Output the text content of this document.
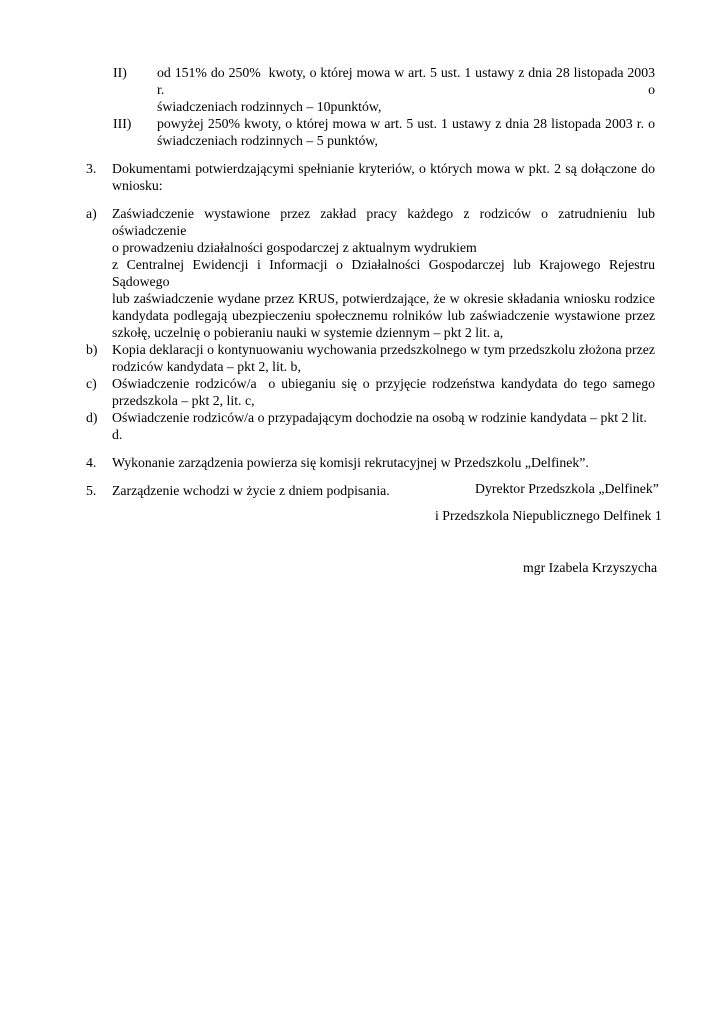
II) od 151% do 250%  kwoty, o której mowa w art. 5 ust. 1 ustawy z dnia 28 listopada 2003 r. o
świadczeniach rodzinnych – 10punktów,
III) powyżej 250% kwoty, o której mowa w art. 5 ust. 1 ustawy z dnia 28 listopada 2003 r. o
świadczeniach rodzinnych – 5 punktów,
3. Dokumentami potwierdzającymi spełnianie kryteriów, o których mowa w pkt. 2 są dołączone do
wniosku:
a) Zaświadczenie wystawione przez zakład pracy każdego z rodziców o zatrudnieniu lub oświadczenie
o prowadzeniu działalności gospodarczej z aktualnym wydrukiem
z Centralnej Ewidencji i Informacji o Działalności Gospodarczej lub Krajowego Rejestru Sądowego
lub zaświadczenie wydane przez KRUS, potwierdzające, że w okresie składania wniosku rodzice
kandydata podlegają ubezpieczeniu społecznemu rolników lub zaświadczenie wystawione przez
szkołę, uczelnię o pobieraniu nauki w systemie dziennym – pkt 2 lit. a,
b) Kopia deklaracji o kontynuowaniu wychowania przedszkolnego w tym przedszkolu złożona przez
rodziców kandydata – pkt 2, lit. b,
c) Oświadczenie rodziców/a  o ubieganiu się o przyjęcie rodzeństwa kandydata do tego samego
przedszkola – pkt 2, lit. c,
d) Oświadczenie rodziców/a o przypadającym dochodzie na osobą w rodzinie kandydata – pkt 2 lit. d.
4. Wykonanie zarządzenia powierza się komisji rekrutacyjnej w Przedszkolu „Delfinek”.
5. Zarządzenie wchodzi w życie z dniem podpisania.	Dyrektor Przedszkola „Delfinek”
i Przedszkola Niepublicznego Delfinek 1
mgr Izabela Krzyszycha
